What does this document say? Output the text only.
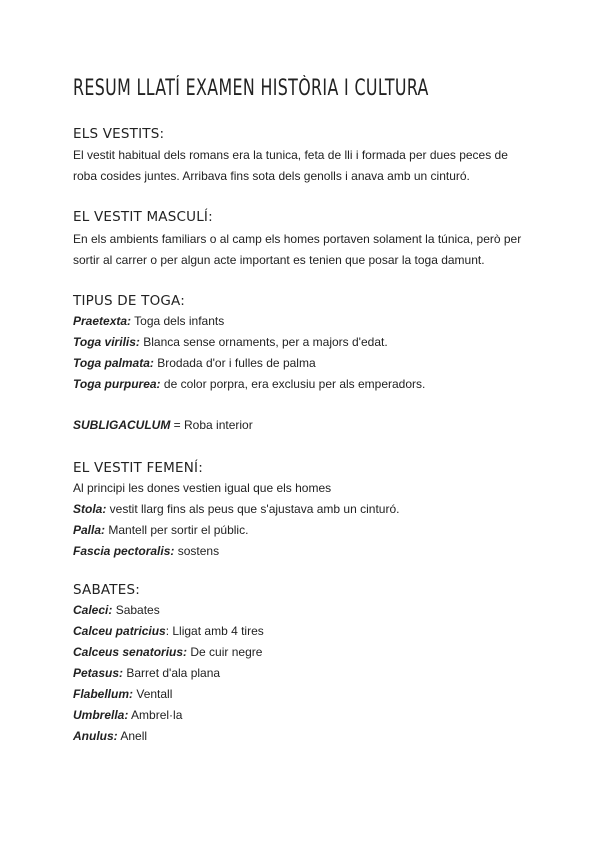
RESUM LLATÍ EXAMEN HISTÒRIA I CULTURA

ELS VESTITS:

El vestit habitual dels romans era la tunica, feta de lli i formada per dues peces de

roba cosides juntes. Arribava fins sota dels genolls i anava amb un cinturó.

EL VESTIT MASCULÍ:

En els ambients familiars o al camp els homes portaven solament la túnica, però per

sortir al carrer o per algun acte important es tenien que posar la toga damunt.

TIPUS DE TOGA:

Praetexta: Toga dels infants

Toga virilis: Blanca sense ornaments, per a majors d'edat.

Toga palmata: Brodada d'or i fulles de palma

Toga purpurea: de color porpra, era exclusiu per als emperadors.

SUBLIGACULUM = Roba interior

EL VESTIT FEMENÍ:

Al principi les dones vestien igual que els homes

Stola: vestit llarg fins als peus que s'ajustava amb un cinturó.

Palla: Mantell per sortir el públic.

Fascia pectoralis: sostens

SABATES:

Caleci: Sabates

Calceu patricius: Lligat amb 4 tires

Calceus senatorius: De cuir negre

Petasus: Barret d'ala plana

Flabellum: Ventall

Umbrella: Ambrel·la

Anulus: Anell
